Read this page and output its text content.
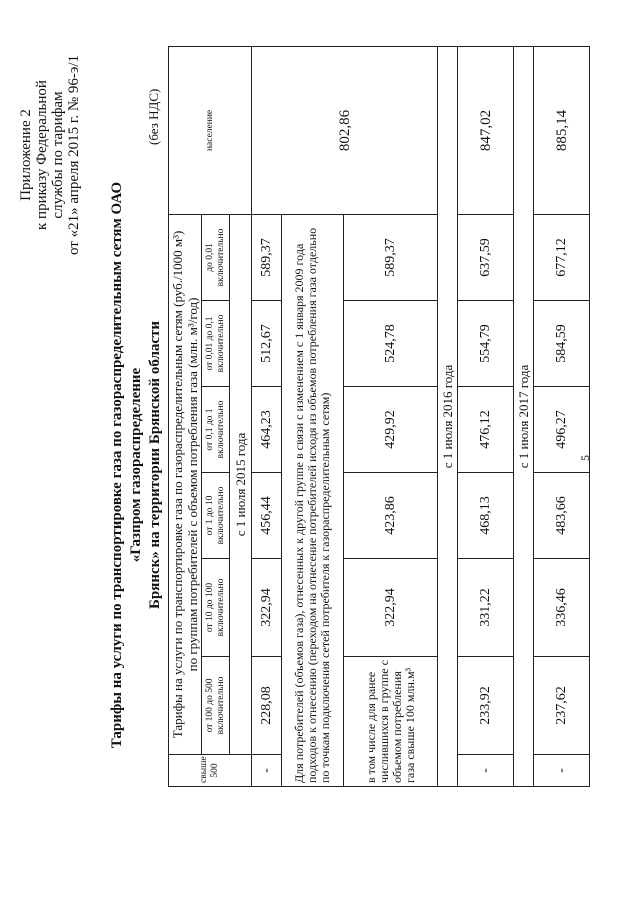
Приложение 2 к приказу Федеральной службы по тарифам от «21» апреля 2015 г. № 96-э/1
Тарифы на услуги по транспортировке газа по газораспределительным сетям ОАО «Газпром газораспределение Брянск» на территории Брянской области
(без НДС)
свыше 500	Тарифы на услуги по транспортировке газа по газораспределительным сетям (руб./1000 м³)
по группам потребителей с объемом потребления газа (млн. м³/год)						население
	от 100 до 500 включительно	от 10 до 100 включительно	от 1 до 10 включительно	от 0,1 до 1 включительно	от 0,01 до 0,1 включительно	до 0,01 включительно	
	с 1 июля 2015 года						
-	228,08	322,94	456,44	464,23	512,67	589,37	802,86
Для потребителей (объемов газа), отнесенных к другой группе в связи с изменением с 1 января 2009 года подходов к отнесению (переходом на отнесение потребителей исходя из объемов потребления газа отдельно по точкам подключения сетей потребителя к газораспределительным сетям)							
в том числе для ранее числившихся в группе с объемом потребления газа свыше 100 млн.м³		322,94	423,86	429,92	524,78	589,37	
с 1 июля 2016 года							
-	233,92	331,22	468,13	476,12	554,79	637,59	847,02
с 1 июля 2017 года							
-	237,62	336,46	483,66	496,27	584,59	677,12	885,14
5
